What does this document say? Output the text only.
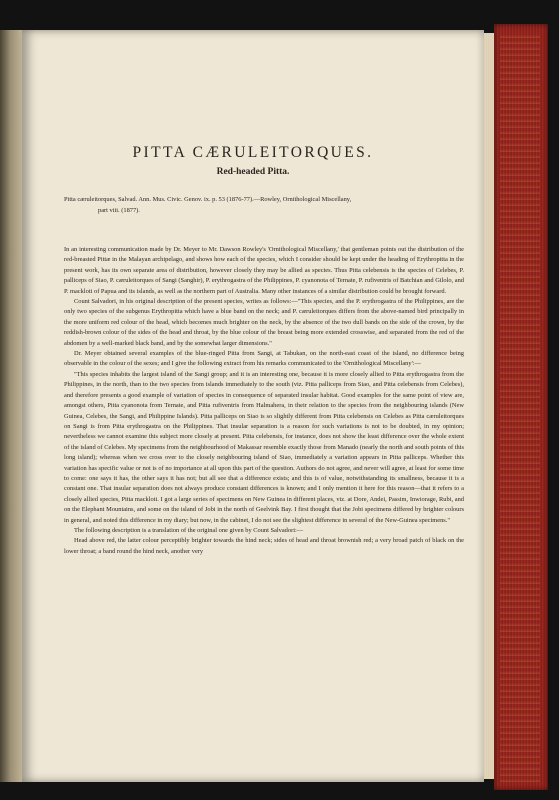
PITTA CÆRULEITORQUES.
Red-headed Pitta.
Pitta cæruleitorques, Salvad. Ann. Mus. Civic. Genov. ix. p. 53 (1876-77).—Rowley, Ornithological Miscellany,
part viii. (1877).

In an interesting communication made by Dr. Meyer to Mr. Dawson Rowley's 'Ornithological Miscellany,' that gentleman points out the distribution of the red-breasted Pittæ in the Malayan archipelago, and shows how each of the species, which I consider should be kept under the heading of Erythropitta in the present work, has its own separate area of distribution, however closely they may be allied as species. Thus Pitta celebensis is the species of Celebes, P. palliceps of Siao, P. cæruleitorques of Sangi (Sanghir), P. erythrogastra of the Philippines, P. cyanonota of Ternate, P. rufiventris of Batchian and Gilolo, and P. mackloti of Papua and its islands, as well as the northern part of Australia. Many other instances of a similar distribution could be brought forward.

Count Salvadori, in his original description of the present species, writes as follows:—"This species, and the P. erythrogastra of the Philippines, are the only two species of the subgenus Erythropitta which have a blue band on the neck; and P. cæruleitorques differs from the above-named bird principally in the more uniform red colour of the head, which becomes much brighter on the neck, by the absence of the two dull bands on the side of the crown, by the reddish-brown colour of the sides of the head and throat, by the blue colour of the breast being more extended crosswise, and separated from the red of the abdomen by a well-marked black band, and by the somewhat larger dimensions."

Dr. Meyer obtained several examples of the blue-ringed Pitta from Sangi, at Tabukan, on the north-east coast of the island, no difference being observable in the colour of the sexes; and I give the following extract from his remarks communicated to the 'Ornithological Miscellany':—

"This species inhabits the largest island of the Sangi group; and it is an interesting one, because it is more closely allied to Pitta erythrogastra from the Philippines, in the north, than to the two species from islands immediately to the south (viz. Pitta palliceps from Siao, and Pitta celebensis from Celebes), and therefore presents a good example of variation of species in consequence of separated insular habitat. Good examples for the same point of view are, amongst others, Pitta cyanonota from Ternate, and Pitta rufiventris from Halmahera, in their relation to the species from the neighbouring islands (New Guinea, Celebes, the Sangi, and Philippine Islands). Pitta palliceps on Siao is so slightly different from Pitta celebensis on Celebes as Pitta cæruleitorques on Sangi is from Pitta erythrogastra on the Philippines. That insular separation is a reason for such variations is not to be doubted, in my opinion; nevertheless we cannot examine this subject more closely at present. Pitta celebensis, for instance, does not show the least difference over the whole extent of the island of Celebes. My specimens from the neighbourhood of Makassar resemble exactly those from Manado (nearly the north and south points of this long island); whereas when we cross over to the closely neighbouring island of Siao, immediately a variation appears in Pitta palliceps. Whether this variation has specific value or not is of no importance at all upon this part of the question. Authors do not agree, and never will agree, at least for some time to come: one says it has, the other says it has not; but all see that a difference exists; and this is of value, notwithstanding its smallness, because it is a constant one. That insular separation does not always produce constant differences is known; and I only mention it here for this reason—that it refers to a closely allied species, Pitta mackloti. I got a large series of specimens on New Guinea in different places, viz. at Dore, Andei, Passim, Inwiorage, Rubi, and on the Elephant Mountains, and some on the island of Jobi in the north of Geelvink Bay. I first thought that the Jobi specimens differed by brighter colours in general, and noted this difference in my diary; but now, in the cabinet, I do not see the slightest difference in several of the New-Guinea specimens."

The following description is a translation of the original one given by Count Salvadori:—

Head above red, the latter colour perceptibly brighter towards the hind neck; sides of head and throat brownish red; a very broad patch of black on the lower throat; a band round the hind neck, another very
